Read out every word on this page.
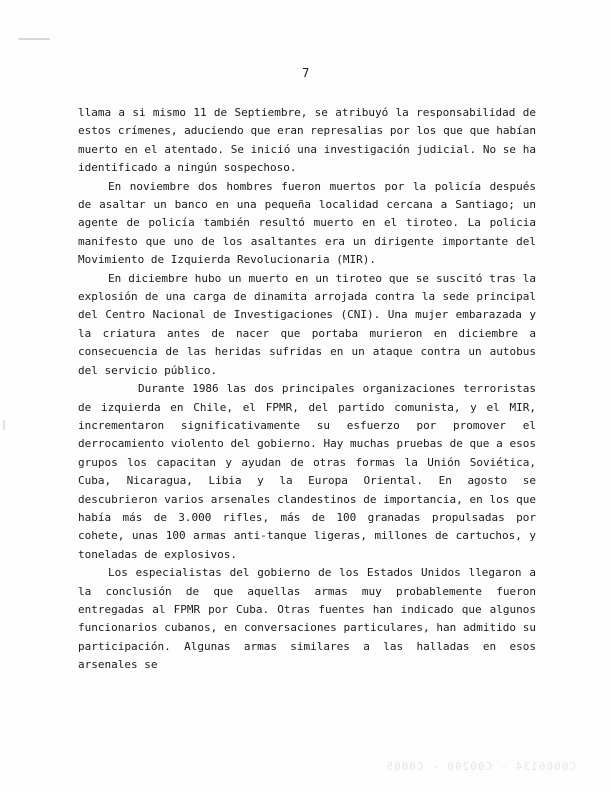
7

llama a si mismo 11 de Septiembre, se atribuyó la responsabilidad de estos crímenes, aduciendo que eran represalias por los que que habían muerto en el atentado. Se inició una investigación judicial. No se ha identificado a ningún sospechoso.

En noviembre dos hombres fueron muertos por la policía después de asaltar un banco en una pequeña localidad cercana a Santiago; un agente de policía también resultó muerto en el tiroteo. La policia manifesto que uno de los asaltantes era un dirigente importante del Movimiento de Izquierda Revolucionaria (MIR).

En diciembre hubo un muerto en un tiroteo que se suscitó tras la explosión de una carga de dinamita arrojada contra la sede principal del Centro Nacional de Investigaciones (CNI). Una mujer embarazada y la criatura antes de nacer que portaba murieron en diciembre a consecuencia de las heridas sufridas en un ataque contra un autobus del servicio público.

Durante 1986 las dos principales organizaciones terroristas de izquierda en Chile, el FPMR, del partido comunista, y el MIR, incrementaron significativamente su esfuerzo por promover el derrocamiento violento del gobierno. Hay muchas pruebas de que a esos grupos los capacitan y ayudan de otras formas la Unión Soviética, Cuba, Nicaragua, Libia y la Europa Oriental. En agosto se descubrieron varios arsenales clandestinos de importancia, en los que había más de 3.000 rifles, más de 100 granadas propulsadas por cohete, unas 100 armas anti-tanque ligeras, millones de cartuchos, y toneladas de explosivos.

Los especialistas del gobierno de los Estados Unidos llegaron a la conclusión de que aquellas armas muy probablemente fueron entregadas al FPMR por Cuba. Otras fuentes han indicado que algunos funcionarios cubanos, en conversaciones particulares, han admitido su participación. Algunas armas similares a las halladas en esos arsenales se

C0006134 - C00290 - C0005
